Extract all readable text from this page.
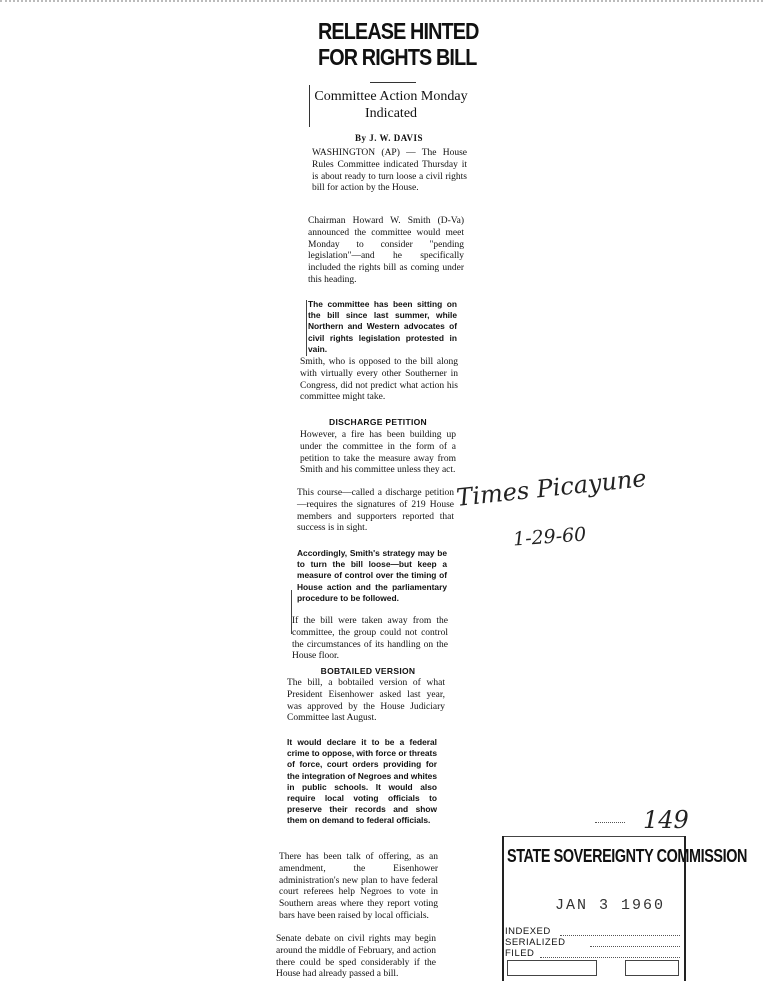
RELEASE HINTED
FOR RIGHTS BILL
Committee Action Monday Indicated
By J. W. DAVIS
WASHINGTON (AP) — The House Rules Committee indicated Thursday it is about ready to turn loose a civil rights bill for action by the House.
Chairman Howard W. Smith (D-Va) announced the committee would meet Monday to consider "pending legislation"—and he specifically included the rights bill as coming under this heading.
The committee has been sitting on the bill since last summer, while Northern and Western advocates of civil rights legislation protested in vain.
Smith, who is opposed to the bill along with virtually every other Southerner in Congress, did not predict what action his committee might take.
DISCHARGE PETITION
However, a fire has been building up under the committee in the form of a petition to take the measure away from Smith and his committee unless they act.
This course—called a discharge petition—requires the signatures of 219 House members and supporters reported that success is in sight.
Accordingly, Smith's strategy may be to turn the bill loose—but keep a measure of control over the timing of House action and the parliamentary procedure to be followed.
If the bill were taken away from the committee, the group could not control the circumstances of its handling on the House floor.
BOBTAILED VERSION
The bill, a bobtailed version of what President Eisenhower asked last year, was approved by the House Judiciary Committee last August.
It would declare it to be a federal crime to oppose, with force or threats of force, court orders providing for the integration of Negroes and whites in public schools. It would also require local voting officials to preserve their records and show them on demand to federal officials.
There has been talk of offering, as an amendment, the Eisenhower administration's new plan to have federal court referees help Negroes to vote in Southern areas where they report voting bars have been raised by local officials.
Senate debate on civil rights may begin around the middle of February, and action there could be sped considerably if the House had already passed a bill.
Times Picayune
1-29-60
149
STATE SOVEREIGNTY COMMISSION
JAN 3 1960
INDEXED
SERIALIZED
FILED
